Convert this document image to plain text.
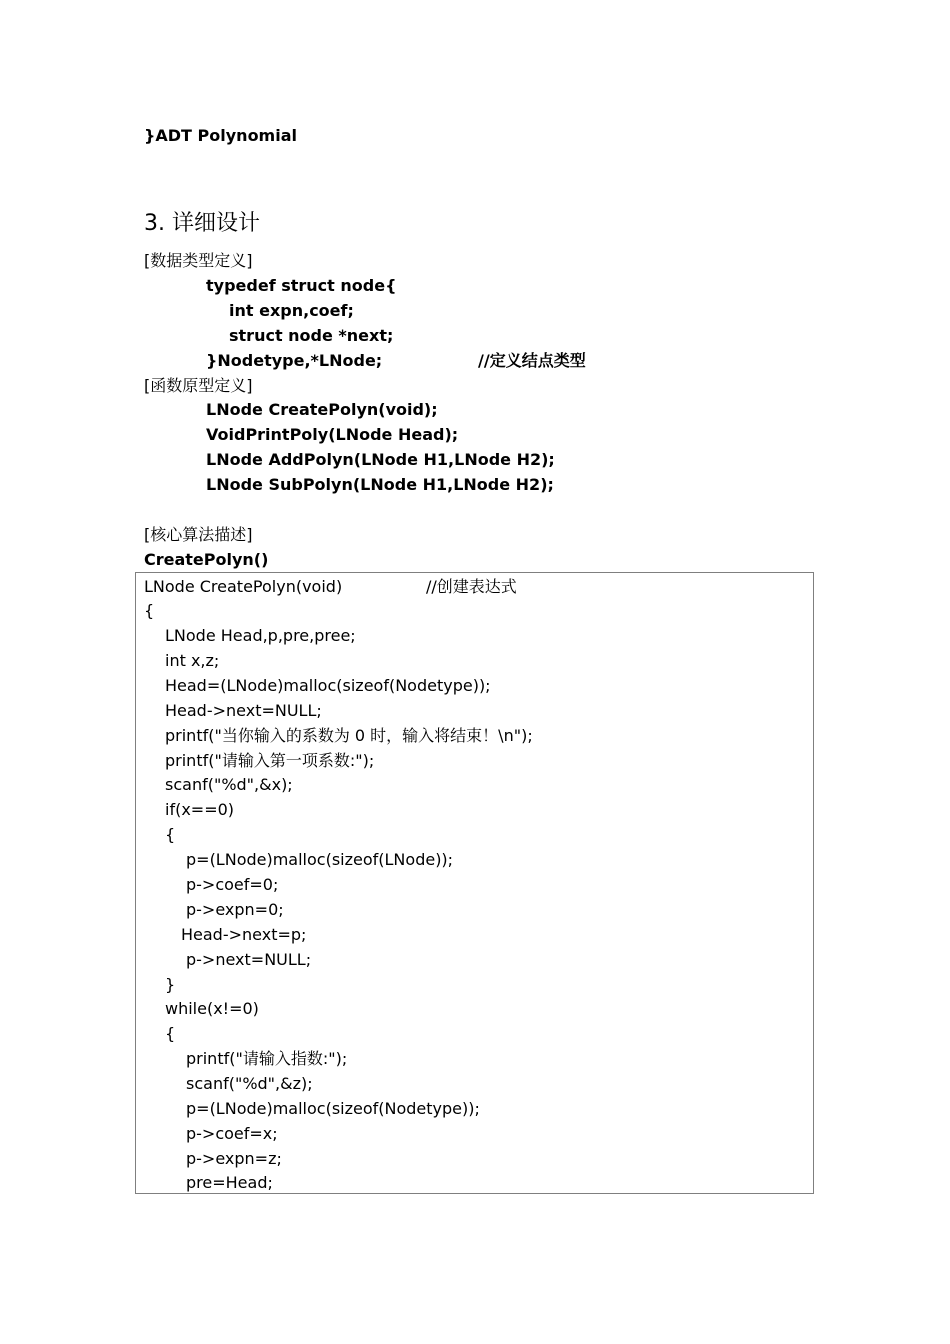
}ADT Polynomial
3. 详细设计
[数据类型定义]
typedef struct node{
int expn,coef;
struct node *next;
}Nodetype,*LNode;	//定义结点类型
[函数原型定义]
LNode CreatePolyn(void);
VoidPrintPoly(LNode Head);
LNode AddPolyn(LNode H1,LNode H2);
LNode SubPolyn(LNode H1,LNode H2);
[核心算法描述]
CreatePolyn()
LNode CreatePolyn(void)	//创建表达式
{
LNode Head,p,pre,pree;
int x,z;
Head=(LNode)malloc(sizeof(Nodetype));
Head->next=NULL;
printf("当你输入的系数为 0 时，输入将结束！\n");
printf("请输入第一项系数:");
scanf("%d",&x);
if(x==0)
{
p=(LNode)malloc(sizeof(LNode));
p->coef=0;
p->expn=0;
Head->next=p;
p->next=NULL;
}
while(x!=0)
{
printf("请输入指数:");
scanf("%d",&z);
p=(LNode)malloc(sizeof(Nodetype));
p->coef=x;
p->expn=z;
pre=Head;
